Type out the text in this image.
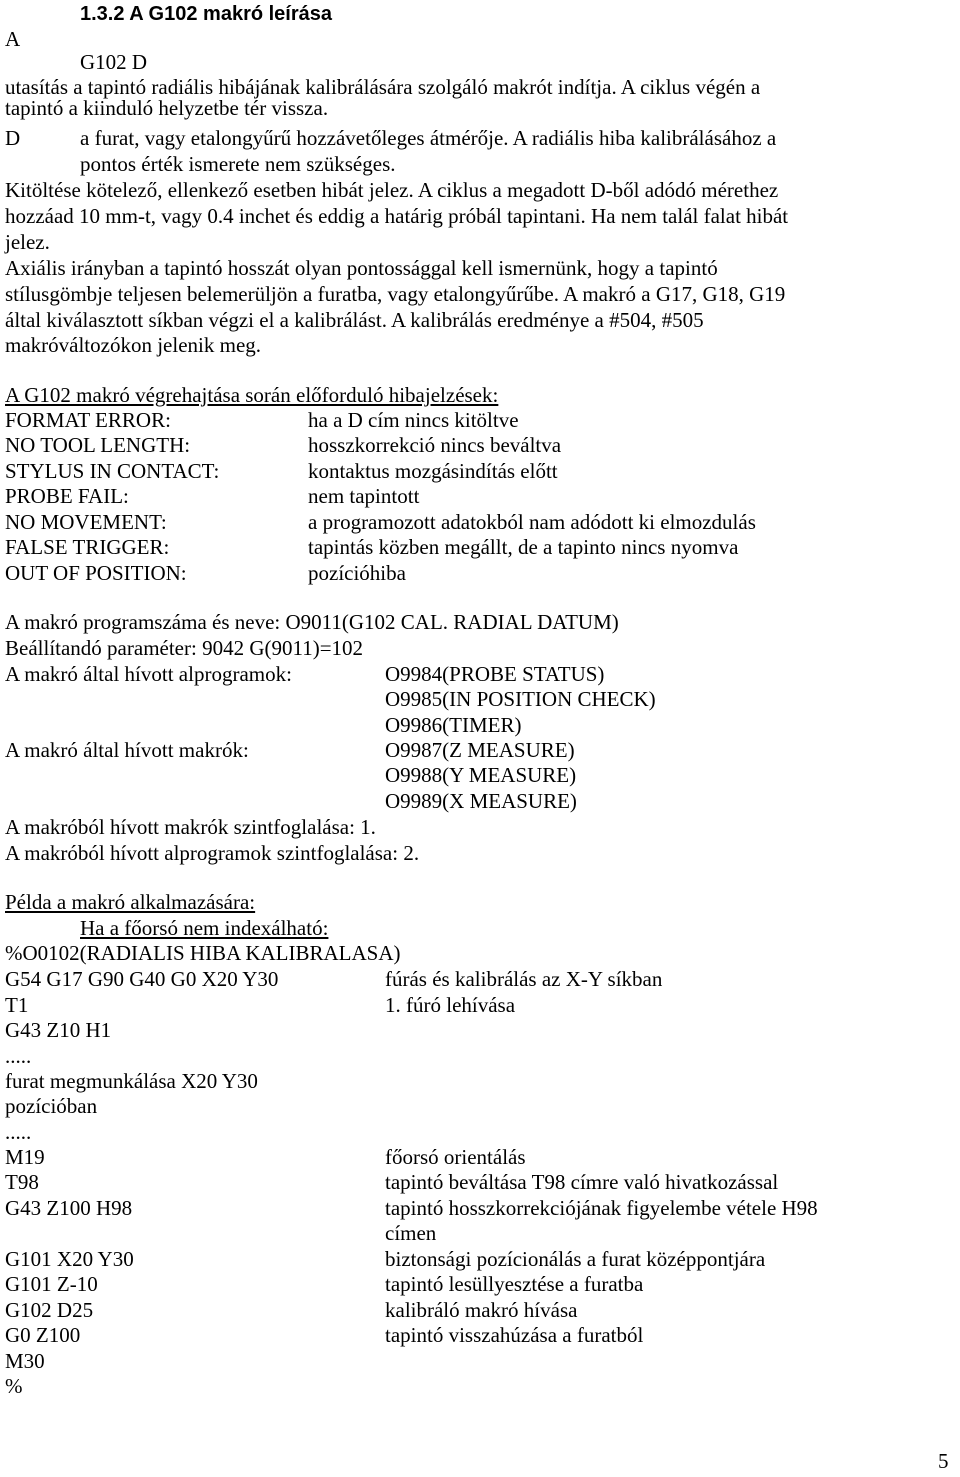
1.3.2 A G102 makró leírása
A
G102 D
utasítás a tapintó radiális hibájának kalibrálására szolgáló makrót indítja. A ciklus végén a
tapintó a kiinduló helyzetbe tér vissza.
D	a furat, vagy etalongyűrű hozzávetőleges átmérője. A radiális hiba kalibrálásához a
pontos érték ismerete nem szükséges.
Kitöltése kötelező, ellenkező esetben hibát jelez. A ciklus a megadott D-ből adódó mérethez
hozzáad 10 mm-t, vagy 0.4 inchet és eddig a határig próbál tapintani. Ha nem talál falat hibát
jelez.
Axiális irányban a tapintó hosszát olyan pontossággal kell ismernünk, hogy a tapintó
stílusgömbje teljesen belemerüljön a furatba, vagy etalongyűrűbe. A makró a G17, G18, G19
által kiválasztott síkban végzi el a kalibrálást. A kalibrálás eredménye a #504, #505
makróváltozókon jelenik meg.
A G102 makró végrehajtása során előforduló hibajelzések:
FORMAT ERROR:	ha a D cím nincs kitöltve
NO TOOL LENGTH:	hosszkorrekció nincs beváltva
STYLUS IN CONTACT:	kontaktus mozgásindítás előtt
PROBE FAIL:	nem tapintott
NO MOVEMENT:	a programozott adatokból nam adódott ki elmozdulás
FALSE TRIGGER:	tapintás közben megállt, de a tapinto nincs nyomva
OUT OF POSITION:	pozícióhiba
A makró programszáma és neve: O9011(G102 CAL. RADIAL DATUM)
Beállítandó paraméter: 9042 G(9011)=102
A makró által hívott alprogramok:	O9984(PROBE STATUS)
O9985(IN POSITION CHECK)
O9986(TIMER)
A makró által hívott makrók:	O9987(Z MEASURE)
O9988(Y MEASURE)
O9989(X MEASURE)
A makróból hívott makrók szintfoglalása: 1.
A makróból hívott alprogramok szintfoglalása: 2.
Példa a makró alkalmazására:
Ha a főorsó nem indexálható:
%O0102(RADIALIS HIBA KALIBRALASA)
G54 G17 G90 G40 G0 X20 Y30	fúrás és kalibrálás az X-Y síkban
T1	1. fúró lehívása
G43 Z10 H1
.....
furat megmunkálása X20 Y30
pozícióban
.....
M19	főorsó orientálás
T98	tapintó beváltása T98 címre való hivatkozással
G43 Z100 H98	tapintó hosszkorrekciójának figyelembe vétele H98
címen
G101 X20 Y30	biztonsági pozícionálás a furat középpontjára
G101 Z-10	tapintó lesüllyesztése a furatba
G102 D25	kalibráló makró hívása
G0 Z100	tapintó visszahúzása a furatból
M30
%
5
